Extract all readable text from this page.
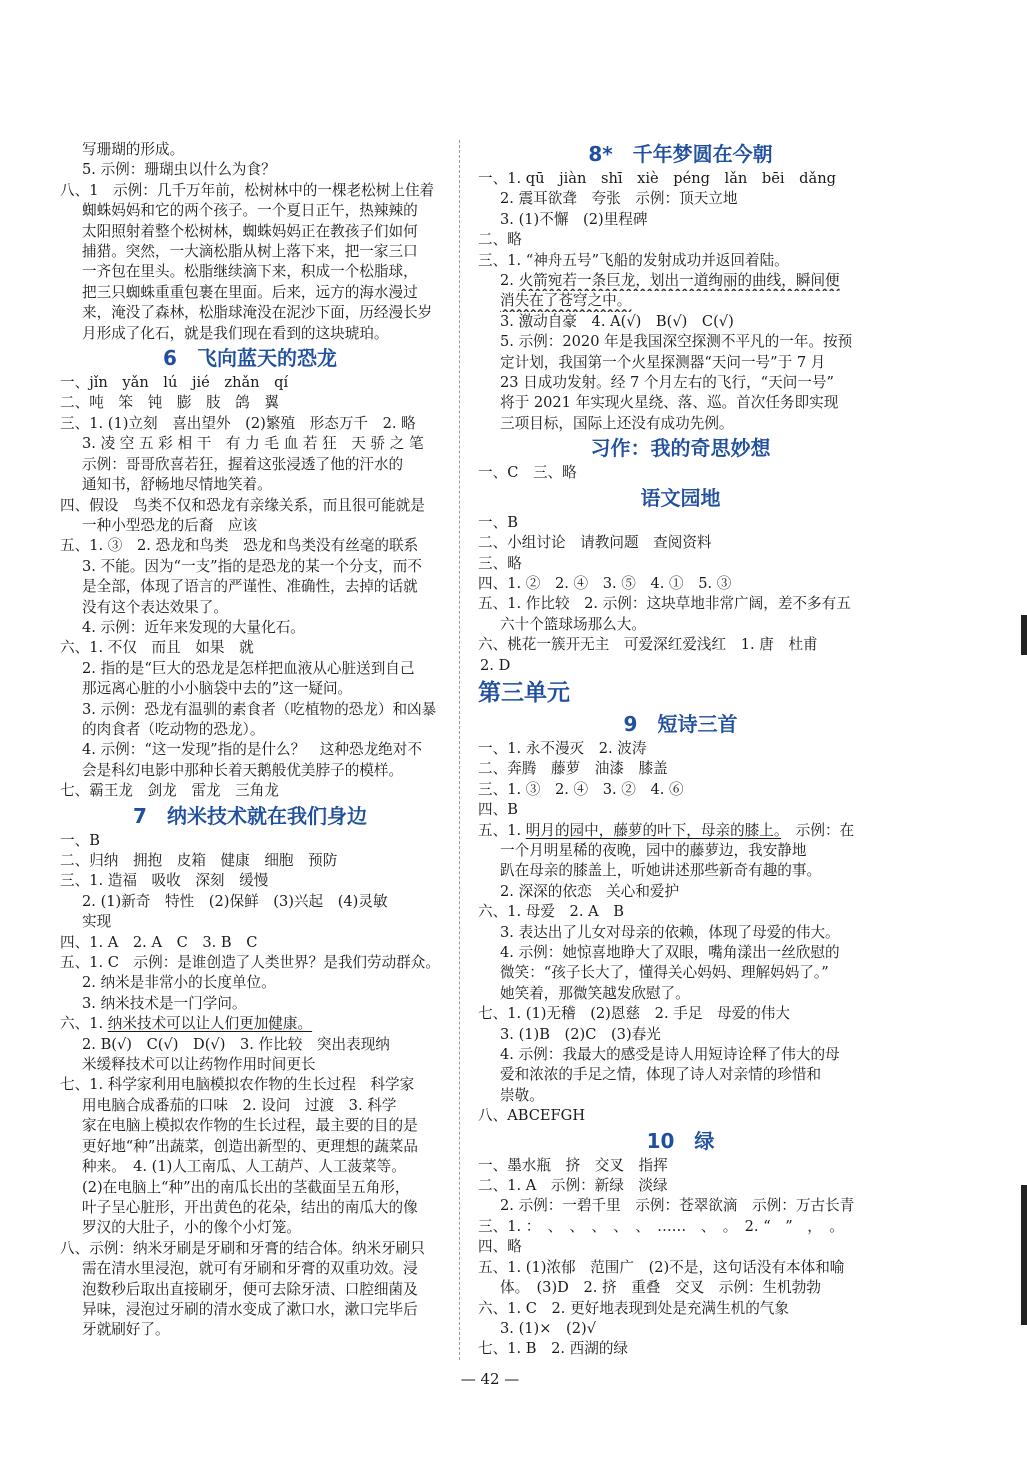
写珊瑚的形成。
5. 示例：珊瑚虫以什么为食？
八、1　示例：几千万年前，松树林中的一棵老松树上住着
蜘蛛妈妈和它的两个孩子。一个夏日正午，热辣辣的
太阳照射着整个松树林，蜘蛛妈妈正在教孩子们如何
捕猎。突然，一大滴松脂从树上落下来，把一家三口
一齐包在里头。松脂继续滴下来，积成一个松脂球，
把三只蜘蛛重重包裹在里面。后来，远方的海水漫过
来，淹没了森林，松脂球淹没在泥沙下面，历经漫长岁
月形成了化石，就是我们现在看到的这块琥珀。
6　飞向蓝天的恐龙
一、jǐn　yǎn　lú　jié　zhǎn　qí
二、吨　笨　钝　膨　肢　鸽　翼
三、1. (1)立刻　喜出望外　(2)繁殖　形态万千　2. 略
3. 凌 空 五 彩 相 干　有 力 毛 血 若 狂　天 骄 之 笔
示例：哥哥欣喜若狂，握着这张浸透了他的汗水的
通知书，舒畅地尽情地笑着。
四、假设　鸟类不仅和恐龙有亲缘关系，而且很可能就是
一种小型恐龙的后裔　应该
五、1. ③　2. 恐龙和鸟类　恐龙和鸟类没有丝毫的联系
3. 不能。因为“一支”指的是恐龙的某一个分支，而不
是全部，体现了语言的严谨性、准确性，去掉的话就
没有这个表达效果了。
4. 示例：近年来发现的大量化石。
六、1. 不仅　而且　如果　就
2. 指的是“巨大的恐龙是怎样把血液从心脏送到自己
那远离心脏的小小脑袋中去的”这一疑问。
3. 示例：恐龙有温驯的素食者（吃植物的恐龙）和凶暴
的肉食者（吃动物的恐龙）。
4. 示例：“这一发现”指的是什么？　这种恐龙绝对不
会是科幻电影中那种长着天鹅般优美脖子的模样。
七、霸王龙　剑龙　雷龙　三角龙
7　纳米技术就在我们身边
一、B
二、归纳　拥抱　皮箱　健康　细胞　预防
三、1. 造福　吸收　深刻　缓慢
2. (1)新奇　特性　(2)保鲜　(3)兴起　(4)灵敏
实现
四、1. A　2. A　C　3. B　C
五、1. C　示例：是谁创造了人类世界？是我们劳动群众。
2. 纳米是非常小的长度单位。
3. 纳米技术是一门学问。
六、1. 纳米技术可以让人们更加健康。
2. B(√)　C(√)　D(√)　3. 作比较　突出表现纳
米缓释技术可以让药物作用时间更长
七、1. 科学家利用电脑模拟农作物的生长过程　科学家
用电脑合成番茄的口味　2. 设问　过渡　3. 科学
家在电脑上模拟农作物的生长过程，最主要的目的是
更好地“种”出蔬菜，创造出新型的、更理想的蔬菜品
种来。　4. (1)人工南瓜、人工葫芦、人工菠菜等。
(2)在电脑上“种”出的南瓜长出的茎截面呈五角形，
叶子呈心脏形，开出黄色的花朵，结出的南瓜大的像
罗汉的大肚子，小的像个小灯笼。
八、示例：纳米牙刷是牙刷和牙膏的结合体。纳米牙刷只
需在清水里浸泡，就可有牙刷和牙膏的双重功效。浸
泡数秒后取出直接刷牙，便可去除牙渍、口腔细菌及
异味，浸泡过牙刷的清水变成了漱口水，漱口完毕后
牙就刷好了。
8*　千年梦圆在今朝
一、1. qū　jiàn　shī　xiè　péng　lǎn　bēi　dǎng
2. 震耳欲聋　夸张　示例：顶天立地
3. (1)不懈　(2)里程碑
二、略
三、1. “神舟五号”飞船的发射成功并返回着陆。
2. 火箭宛若一条巨龙，划出一道绚丽的曲线，瞬间便
消失在了苍穹之中。
3. 激动自豪　4. A(√)　B(√)　C(√)
5. 示例：2020 年是我国深空探测不平凡的一年。按预
定计划，我国第一个火星探测器“天问一号”于 7 月
23 日成功发射。经 7 个月左右的飞行，“天问一号”
将于 2021 年实现火星绕、落、巡。首次任务即实现
三项目标，国际上还没有成功先例。
习作：我的奇思妙想
一、C　三、略
语文园地
一、B
二、小组讨论　请教问题　查阅资料
三、略
四、1. ②　2. ④　3. ⑤　4. ①　5. ③
五、1. 作比较　2. 示例：这块草地非常广阔，差不多有五
六十个篮球场那么大。
六、桃花一簇开无主　可爱深红爱浅红　1. 唐　杜甫
2. D
第三单元
9　短诗三首
一、1. 永不漫灭　2. 波涛
二、奔腾　藤萝　油漆　膝盖
三、1. ③　2. ④　3. ②　4. ⑥
四、B
五、1. 明月的园中，藤萝的叶下，母亲的膝上。　示例：在
一个月明星稀的夜晚，园中的藤萝边，我安静地
趴在母亲的膝盖上，听她讲述那些新奇有趣的事。
2. 深深的依恋　关心和爱护
六、1. 母爱　2. A　B
3. 表达出了儿女对母亲的依赖，体现了母爱的伟大。
4. 示例：她惊喜地睁大了双眼，嘴角漾出一丝欣慰的
微笑：“孩子长大了，懂得关心妈妈、理解妈妈了。”
她笑着，那微笑越发欣慰了。
七、1. (1)无稽　(2)恩慈　2. 手足　母爱的伟大
3. (1)B　(2)C　(3)春光
4. 示例：我最大的感受是诗人用短诗诠释了伟大的母
爱和浓浓的手足之情，体现了诗人对亲情的珍惜和
崇敬。
八、ABCEFGH
10　绿
一、墨水瓶　挤　交叉　指挥
二、1. A　示例：新绿　淡绿
2. 示例：一碧千里　示例：苍翠欲滴　示例：万古长青
三、1. ：　、　、　、　、　、　……　、　。　2. “　”　，　。
四、略
五、1. (1)浓郁　范围广　(2)不是，这句话没有本体和喻
体。　(3)D　2. 挤　重叠　交叉　示例：生机勃勃
六、1. C　2. 更好地表现到处是充满生机的气象
3. (1)×　(2)√
七、1. B　2. 西湖的绿
— 42 —
